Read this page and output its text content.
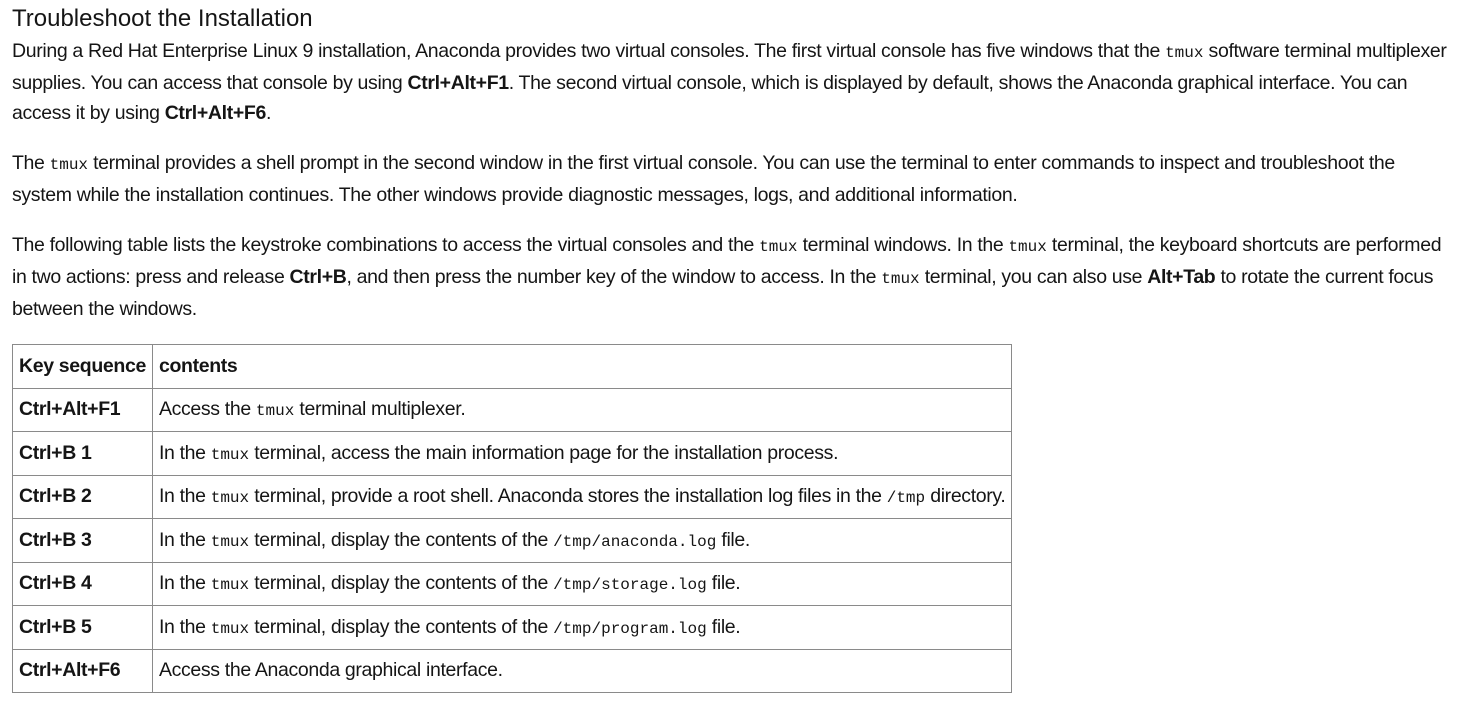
Troubleshoot the Installation

During a Red Hat Enterprise Linux 9 installation, Anaconda provides two virtual consoles. The first virtual console has five windows that the tmux software terminal multiplexer supplies. You can access that console by using Ctrl+Alt+F1. The second virtual console, which is displayed by default, shows the Anaconda graphical interface. You can access it by using Ctrl+Alt+F6.

The tmux terminal provides a shell prompt in the second window in the first virtual console. You can use the terminal to enter commands to inspect and troubleshoot the system while the installation continues. The other windows provide diagnostic messages, logs, and additional information.

The following table lists the keystroke combinations to access the virtual consoles and the tmux terminal windows. In the tmux terminal, the keyboard shortcuts are performed in two actions: press and release Ctrl+B, and then press the number key of the window to access. In the tmux terminal, you can also use Alt+Tab to rotate the current focus between the windows.

Key sequence	contents
Ctrl+Alt+F1	Access the tmux terminal multiplexer.
Ctrl+B 1	In the tmux terminal, access the main information page for the installation process.
Ctrl+B 2	In the tmux terminal, provide a root shell. Anaconda stores the installation log files in the /tmp directory.
Ctrl+B 3	In the tmux terminal, display the contents of the /tmp/anaconda.log file.
Ctrl+B 4	In the tmux terminal, display the contents of the /tmp/storage.log file.
Ctrl+B 5	In the tmux terminal, display the contents of the /tmp/program.log file.
Ctrl+Alt+F6	Access the Anaconda graphical interface.
